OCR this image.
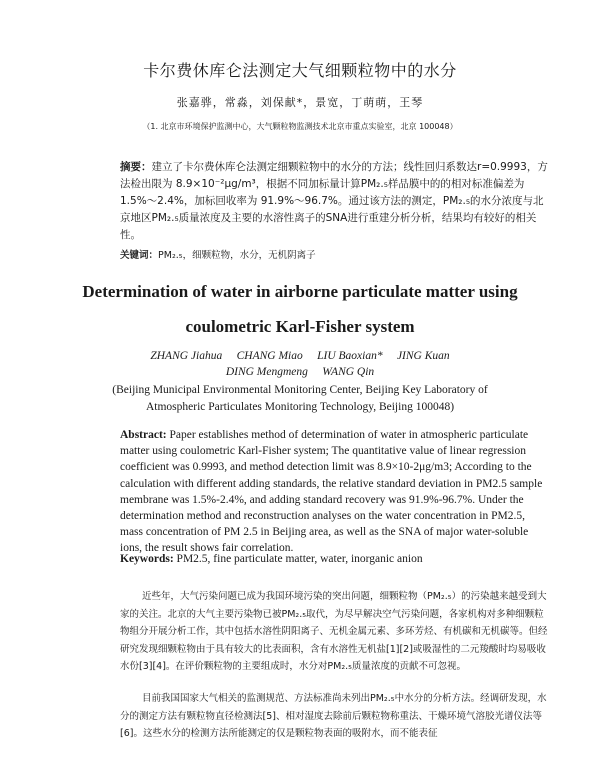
卡尔费休库仑法测定大气细颗粒物中的水分
张嘉骅，常淼，刘保献*，景宽，丁萌萌，王琴
（1. 北京市环境保护监测中心，大气颗粒物监测技术北京市重点实验室，北京 100048）
摘要：建立了卡尔费休库仑法测定细颗粒物中的水分的方法；线性回归系数达r=0.9993，方法检出限为 8.9×10⁻²μg/m³，根据不同加标量计算PM₂.₅样品膜中的的相对标准偏差为 1.5%～2.4%，加标回收率为 91.9%～96.7%。通过该方法的测定，PM₂.₅的水分浓度与北京地区PM₂.₅质量浓度及主要的水溶性离子的SNA进行重建分析分析，结果均有较好的相关性。
关键词：PM₂.₅，细颗粒物，水分，无机阴离子
Determination of water in airborne particulate matter using
coulometric Karl-Fisher system
ZHANG Jiahua     CHANG Miao     LIU Baoxian*     JING Kuan
DING Mengmeng     WANG Qin
(Beijing Municipal Environmental Monitoring Center, Beijing Key Laboratory of
Atmospheric Particulates Monitoring Technology, Beijing 100048)
Abstract: Paper establishes method of determination of water in atmospheric particulate matter using coulometric Karl-Fisher system; The quantitative value of linear regression coefficient was 0.9993, and method detection limit was 8.9×10-2μg/m3; According to the calculation with different adding standards, the relative standard deviation in PM2.5 sample membrane was 1.5%-2.4%, and adding standard recovery was 91.9%-96.7%. Under the determination method and reconstruction analyses on the water concentration in PM2.5, mass concentration of PM 2.5 in Beijing area, as well as the SNA of major water-soluble ions, the result shows fair correlation.
Keywords: PM2.5, fine particulate matter, water, inorganic anion
近些年，大气污染问题已成为我国环境污染的突出问题，细颗粒物（PM₂.₅）的污染越来越受到大家的关注。北京的大气主要污染物已被PM₂.₅取代，为尽早解决空气污染问题，各家机构对多种细颗粒物组分开展分析工作，其中包括水溶性阴阳离子、无机金属元素、多环芳烃、有机碳和无机碳等。但经研究发现细颗粒物由于具有较大的比表面积，含有水溶性无机盐[1][2]或吸湿性的二元羧酸时均易吸收水份[3][4]。在评价颗粒物的主要组成时，水分对PM₂.₅质量浓度的贡献不可忽视。
目前我国国家大气相关的监测规范、方法标准尚未列出PM₂.₅中水分的分析方法。经调研发现，水分的测定方法有颗粒物直径检测法[5]、相对湿度去除前后颗粒物称重法、干燥环境气溶胶光谱仪法等[6]。这些水分的检测方法所能测定的仅是颗粒物表面的吸附水，而不能表征
